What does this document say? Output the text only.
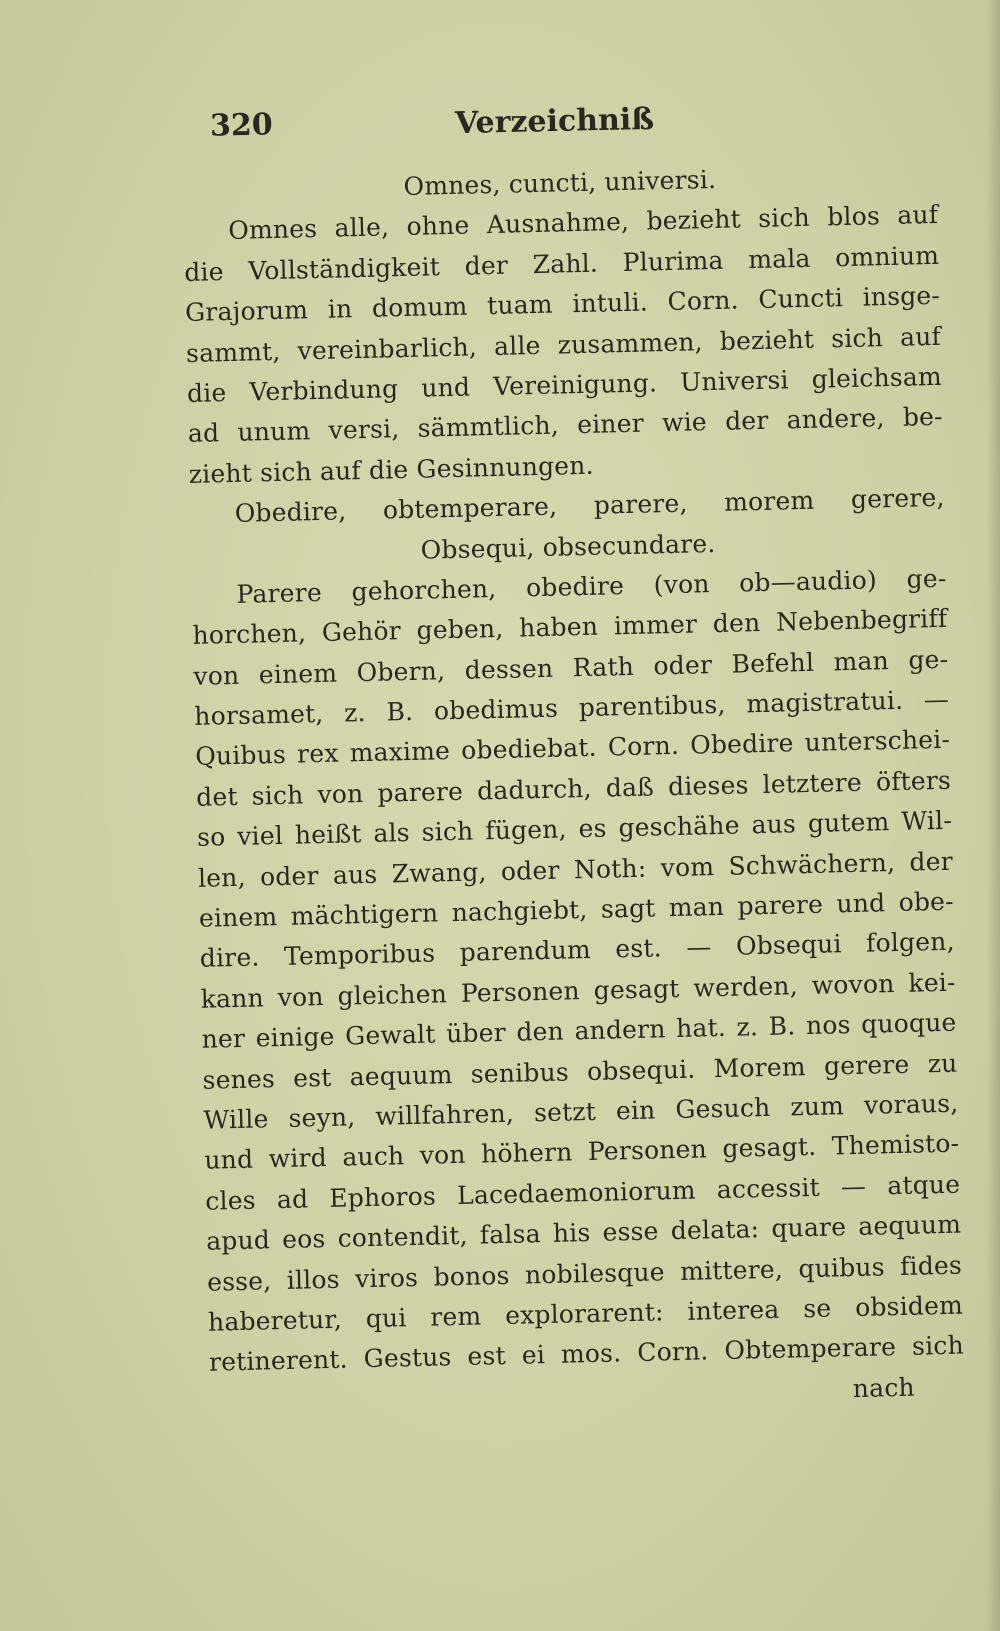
320	Verzeichniß
Omnes, cuncti, universi.
Omnes alle, ohne Ausnahme, bezieht sich blos auf
die Vollständigkeit der Zahl. Plurima mala omnium
Grajorum in domum tuam intuli. Corn. Cuncti insge-
sammt, vereinbarlich, alle zusammen, bezieht sich auf
die Verbindung und Vereinigung. Universi gleichsam
ad unum versi, sämmtlich, einer wie der andere, be-
zieht sich auf die Gesinnungen.
Obedire, obtemperare, parere, morem gerere,
Obsequi, obsecundare.
Parere gehorchen, obedire (von ob—audio) ge-
horchen, Gehör geben, haben immer den Nebenbegriff
von einem Obern, dessen Rath oder Befehl man ge-
horsamet, z. B. obedimus parentibus, magistratui. —
Quibus rex maxime obediebat. Corn. Obedire unterschei-
det sich von parere dadurch, daß dieses letztere öfters
so viel heißt als sich fügen, es geschähe aus gutem Wil-
len, oder aus Zwang, oder Noth: vom Schwächern, der
einem mächtigern nachgiebt, sagt man parere und obe-
dire. Temporibus parendum est. — Obsequi folgen,
kann von gleichen Personen gesagt werden, wovon kei-
ner einige Gewalt über den andern hat. z. B. nos quoque
senes est aequum senibus obsequi. Morem gerere zu
Wille seyn, willfahren, setzt ein Gesuch zum voraus,
und wird auch von höhern Personen gesagt. Themisto-
cles ad Ephoros Lacedaemoniorum accessit — atque
apud eos contendit, falsa his esse delata: quare aequum
esse, illos viros bonos nobilesque mittere, quibus fides
haberetur, qui rem explorarent: interea se obsidem
retinerent. Gestus est ei mos. Corn. Obtemperare sich
nach
